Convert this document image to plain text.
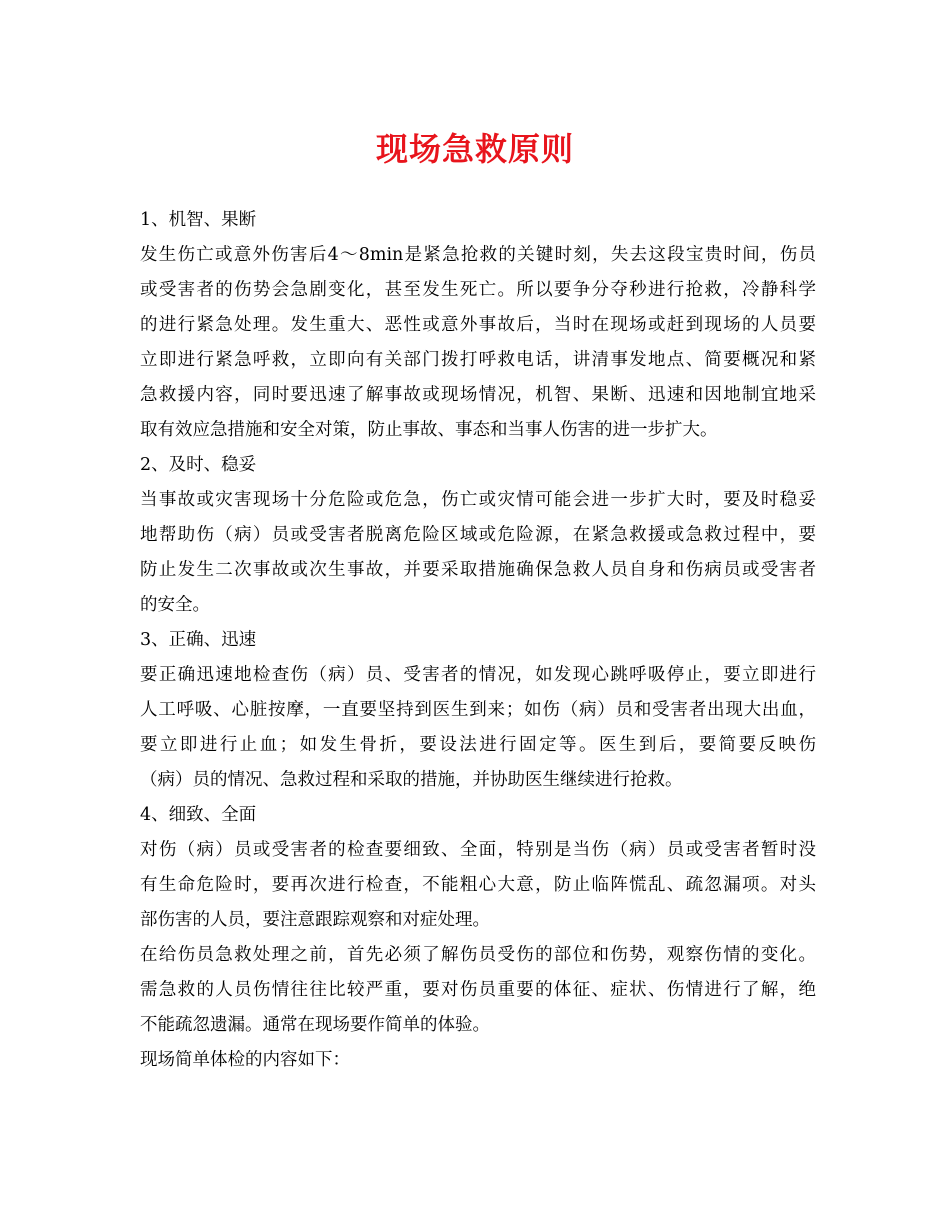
现场急救原则
1、机智、果断
发生伤亡或意外伤害后4～8min是紧急抢救的关键时刻，失去这段宝贵时间，伤员
或受害者的伤势会急剧变化，甚至发生死亡。所以要争分夺秒进行抢救，冷静科学
的进行紧急处理。发生重大、恶性或意外事故后，当时在现场或赶到现场的人员要
立即进行紧急呼救，立即向有关部门拨打呼救电话，讲清事发地点、简要概况和紧
急救援内容，同时要迅速了解事故或现场情况，机智、果断、迅速和因地制宜地采
取有效应急措施和安全对策，防止事故、事态和当事人伤害的进一步扩大。
2、及时、稳妥
当事故或灾害现场十分危险或危急，伤亡或灾情可能会进一步扩大时，要及时稳妥
地帮助伤（病）员或受害者脱离危险区域或危险源，在紧急救援或急救过程中，要
防止发生二次事故或次生事故，并要采取措施确保急救人员自身和伤病员或受害者
的安全。
3、正确、迅速
要正确迅速地检查伤（病）员、受害者的情况，如发现心跳呼吸停止，要立即进行
人工呼吸、心脏按摩，一直要坚持到医生到来；如伤（病）员和受害者出现大出血，
要立即进行止血；如发生骨折，要设法进行固定等。医生到后，要简要反映伤
（病）员的情况、急救过程和采取的措施，并协助医生继续进行抢救。
4、细致、全面
对伤（病）员或受害者的检查要细致、全面，特别是当伤（病）员或受害者暂时没
有生命危险时，要再次进行检查，不能粗心大意，防止临阵慌乱、疏忽漏项。对头
部伤害的人员，要注意跟踪观察和对症处理。
在给伤员急救处理之前，首先必须了解伤员受伤的部位和伤势，观察伤情的变化。
需急救的人员伤情往往比较严重，要对伤员重要的体征、症状、伤情进行了解，绝
不能疏忽遗漏。通常在现场要作简单的体验。
现场简单体检的内容如下：
